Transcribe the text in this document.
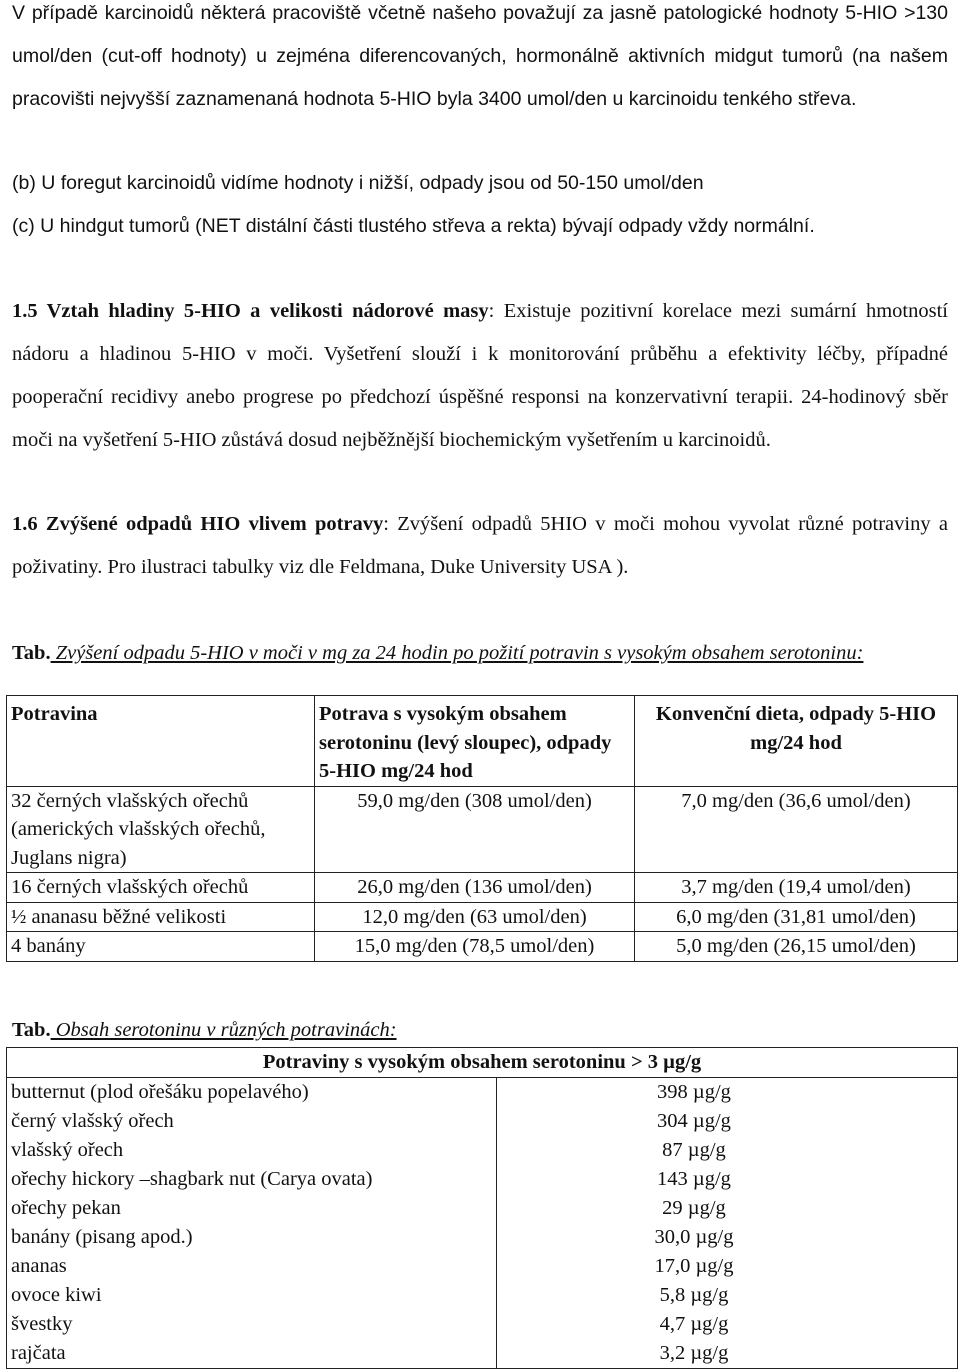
V případě karcinoidů některá pracoviště včetně našeho považují za jasně patologické hodnoty 5-HIO >130 umol/den (cut-off hodnoty) u zejména diferencovaných, hormonálně aktivních midgut tumorů (na našem pracovišti nejvyšší zaznamenaná hodnota 5-HIO byla 3400 umol/den u karcinoidu tenkého střeva.

(b) U foregut karcinoidů vidíme hodnoty i nižší, odpady jsou od 50-150 umol/den

(c) U hindgut tumorů (NET distální části tlustého střeva a rekta) bývají odpady vždy normální.

1.5 Vztah hladiny 5-HIO a velikosti nádorové masy: Existuje pozitivní korelace mezi sumární hmotností nádoru a hladinou 5-HIO v moči. Vyšetření slouží i k monitorování průběhu a efektivity léčby, případné pooperační recidivy anebo progrese po předchozí úspěšné responsi na konzervativní terapii. 24-hodinový sběr moči na vyšetření 5-HIO zůstává dosud nejběžnější biochemickým vyšetřením u karcinoidů.

1.6 Zvýšené odpadů HIO vlivem potravy: Zvýšení odpadů 5HIO v moči mohou vyvolat různé potraviny a poživatiny. Pro ilustraci tabulky viz dle Feldmana, Duke University USA ).

Tab. Zvýšení odpadu 5-HIO v moči v mg za 24 hodin po požití potravin s vysokým obsahem serotoninu:

Potravina	Potrava s vysokým obsahem serotoninu (levý sloupec), odpady 5-HIO mg/24 hod	Konvenční dieta, odpady 5-HIO mg/24 hod
32 černých vlašských ořechů (amerických vlašských ořechů, Juglans nigra)	59,0 mg/den (308 umol/den)	7,0 mg/den (36,6 umol/den)
16 černých vlašských ořechů	26,0 mg/den (136 umol/den)	3,7 mg/den (19,4 umol/den)
½ ananasu běžné velikosti	12,0 mg/den (63 umol/den)	6,0 mg/den (31,81 umol/den)
4 banány	15,0 mg/den (78,5 umol/den)	5,0 mg/den (26,15 umol/den)

Tab. Obsah serotoninu v různých potravinách:

Potraviny s vysokým obsahem serotoninu > 3 µg/g	
butternut (plod ořešáku popelavého)	398 µg/g
černý vlašský ořech	304 µg/g
vlašský ořech	87 µg/g
ořechy hickory –shagbark nut (Carya ovata)	143 µg/g
ořechy pekan	29 µg/g
banány (pisang apod.)	30,0 µg/g
ananas	17,0 µg/g
ovoce kiwi	5,8 µg/g
švestky	4,7 µg/g
rajčata	3,2 µg/g
